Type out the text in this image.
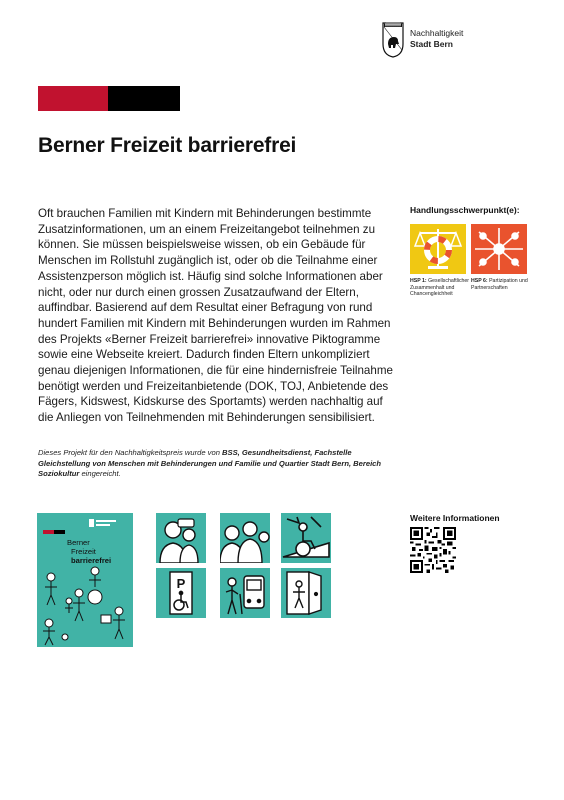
Nachhaltigkeit
Stadt Bern
Berner Freizeit barrierefrei

Oft brauchen Familien mit Kindern mit Behinderungen bestimmte Zusatzinformationen, um an einem Freizeitangebot teilnehmen zu können. Sie müssen beispielsweise wissen, ob ein Gebäude für Menschen im Rollstuhl zugänglich ist, oder ob die Teilnahme einer Assistenzperson möglich ist. Häufig sind solche Informationen aber nicht, oder nur durch einen grossen Zusatzaufwand der Eltern, auffindbar. Basierend auf dem Resultat einer Befragung von rund hundert Familien mit Kindern mit Behinderungen wurden im Rahmen des Projekts «Berner Freizeit barrierefrei» innovative Piktogramme sowie eine Webseite kreiert. Dadurch finden Eltern unkompliziert genau diejenigen Informationen, die für eine hindernisfreie Teilnahme benötigt werden und Freizeitanbietende (DOK, TOJ, Anbietende des Fägers, Kidswest, Kidskurse des Sportamts) werden nachhaltig auf die Anliegen von Teilnehmenden mit Behinderungen sensibilisiert.

Dieses Projekt für den Nachhaltigkeitspreis wurde von BSS, Gesundheitsdienst, Fachstelle Gleichstellung von Menschen mit Behinderungen und Familie und Quartier Stadt Bern, Bereich Soziokultur eingereicht.

Handlungsschwerpunkt(e):
HSP 1: Gesellschaftlicher Zusammenhalt und Chancengleichheit
HSP 6: Partizipation und Partnerschaften
Berner
Freizeit
barrierefrei
P
Weitere Informationen
